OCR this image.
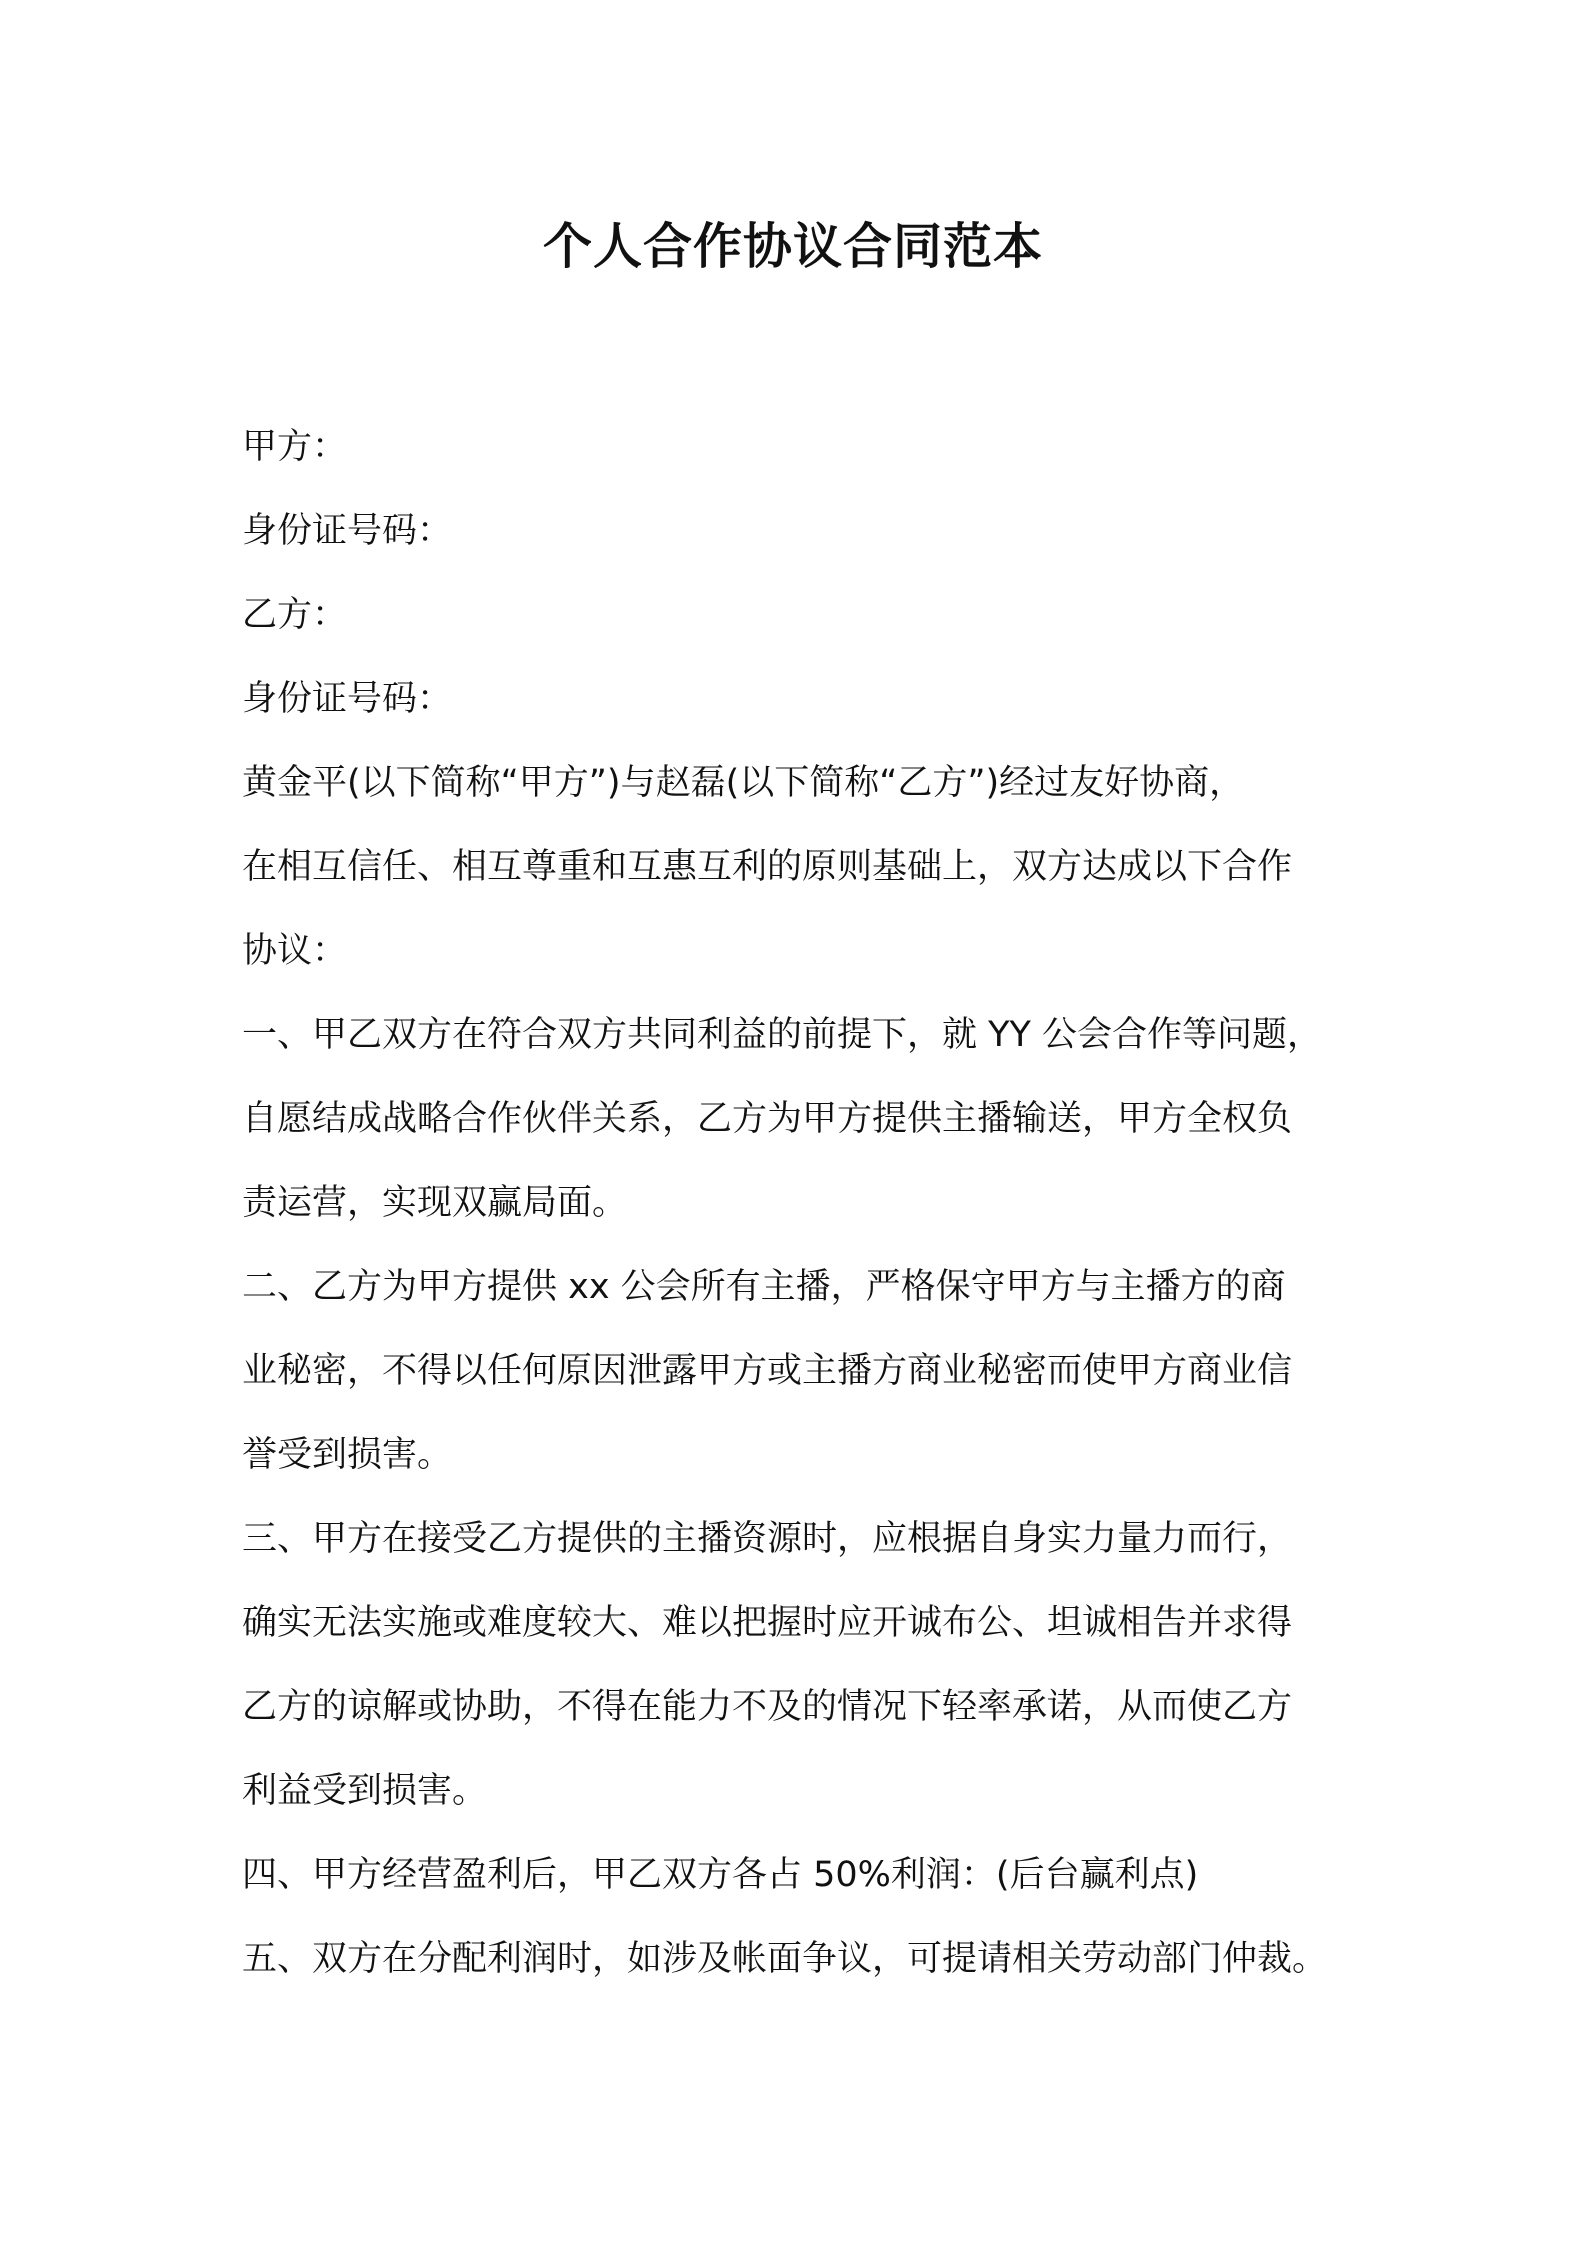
个人合作协议合同范本
甲方：
身份证号码：
乙方：
身份证号码：
黄金平(以下简称“甲方”)与赵磊(以下简称“乙方”)经过友好协商，
在相互信任、相互尊重和互惠互利的原则基础上，双方达成以下合作
协议：
一、甲乙双方在符合双方共同利益的前提下，就 YY 公会合作等问题，
自愿结成战略合作伙伴关系，乙方为甲方提供主播输送，甲方全权负
责运营，实现双赢局面。
二、乙方为甲方提供 xx 公会所有主播，严格保守甲方与主播方的商
业秘密，不得以任何原因泄露甲方或主播方商业秘密而使甲方商业信
誉受到损害。
三、甲方在接受乙方提供的主播资源时，应根据自身实力量力而行，
确实无法实施或难度较大、难以把握时应开诚布公、坦诚相告并求得
乙方的谅解或协助，不得在能力不及的情况下轻率承诺，从而使乙方
利益受到损害。
四、甲方经营盈利后，甲乙双方各占 50%利润：(后台赢利点)
五、双方在分配利润时，如涉及帐面争议，可提请相关劳动部门仲裁。
